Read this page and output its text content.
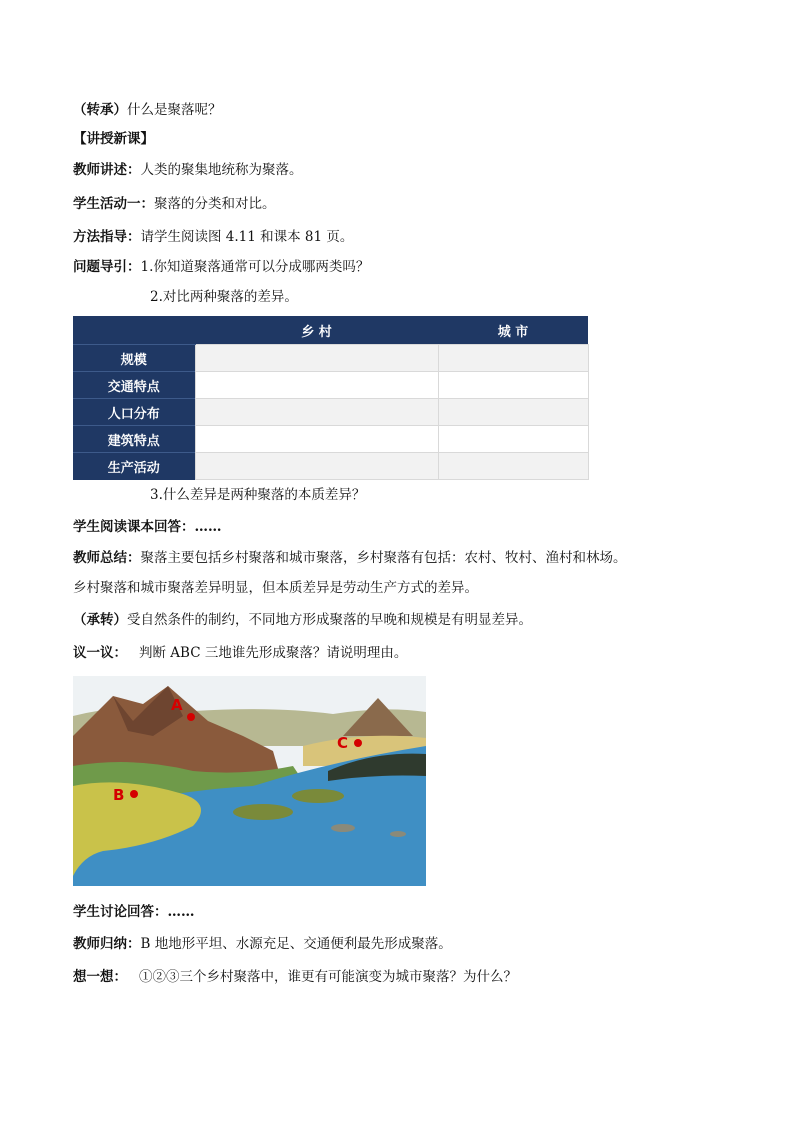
（转承）什么是聚落呢？
【讲授新课】
教师讲述：人类的聚集地统称为聚落。
学生活动一：聚落的分类和对比。
方法指导：请学生阅读图 4.11 和课本 81 页。
问题导引：1.你知道聚落通常可以分成哪两类吗？
2.对比两种聚落的差异。
	乡 村	城 市
规模		
交通特点		
人口分布		
建筑特点		
生产活动		
3.什么差异是两种聚落的本质差异？
学生阅读课本回答：……
教师总结：聚落主要包括乡村聚落和城市聚落，乡村聚落有包括：农村、牧村、渔村和林场。
乡村聚落和城市聚落差异明显，但本质差异是劳动生产方式的差异。
（承转）受自然条件的制约，不同地方形成聚落的早晚和规模是有明显差异。
议一议： 判断 ABC 三地谁先形成聚落？请说明理由。
A
B
C
学生讨论回答：……
教师归纳：B 地地形平坦、水源充足、交通便利最先形成聚落。
想一想： ①②③三个乡村聚落中，谁更有可能演变为城市聚落？为什么？
